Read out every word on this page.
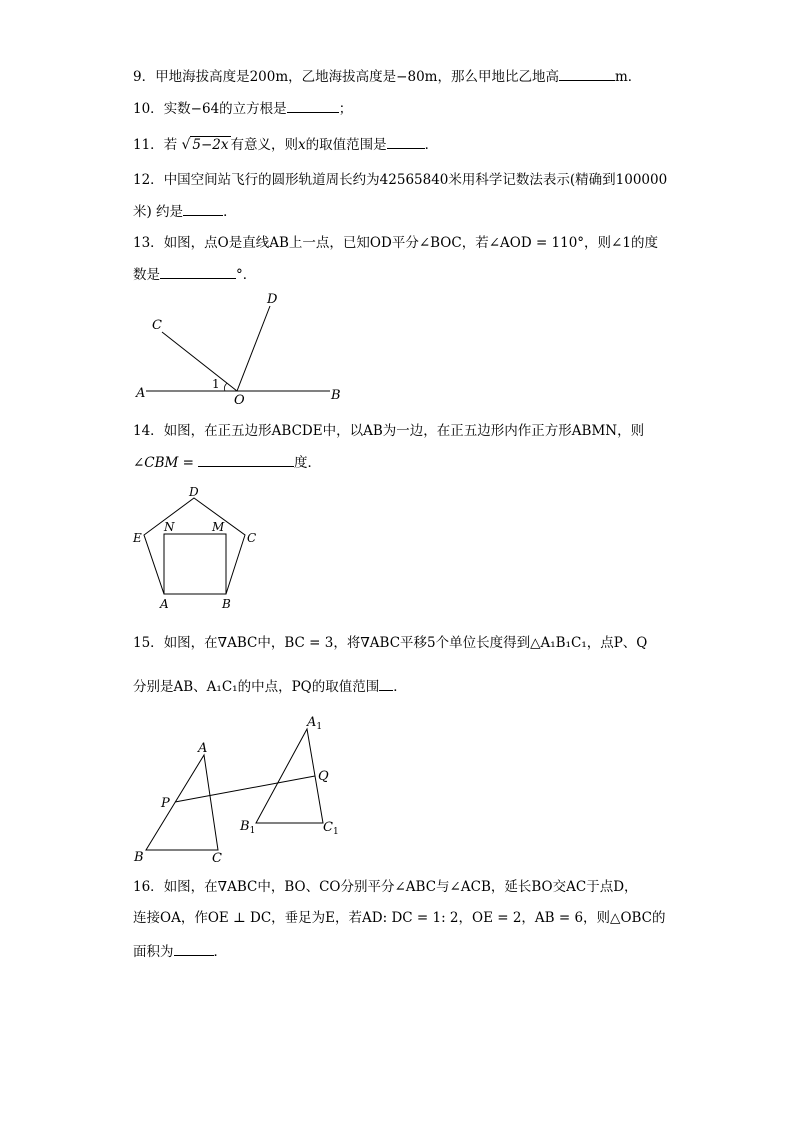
9．甲地海拔高度是200m，乙地海拔高度是−80m，那么甲地比乙地高	m．
10．实数−64的立方根是	；
11．若 √ 5−2x 有意义，则x的取值范围是	．
12．中国空间站飞行的圆形轨道周长约为42565840米用科学记数法表示(精确到100000
米) 约是	．
13．如图，点O是直线AB上一点，已知OD平分∠BOC，若∠AOD = 110°，则∠1的度
数是	°．
A	B
C
D
O
1
14．如图，在正五边形ABCDE中，以AB为一边，在正五边形内作正方形ABMN，则
∠CBM =	度．
D
E	C
N	M
A	B
15．如图，在∇ABC中，BC = 3，将∇ABC平移5个单位长度得到△A₁B₁C₁，点P、Q
分别是AB、A₁C₁的中点，PQ的取值范围 ．
A
B	C
P
Q
$A_1$
$B_1$	$C_1$
16．如图，在∇ABC中，BO、CO分别平分∠ABC与∠ACB，延长BO交AC于点D，
连接OA，作OE ⊥ DC，垂足为E，若AD: DC = 1: 2，OE = 2，AB = 6，则△OBC的
面积为	．
